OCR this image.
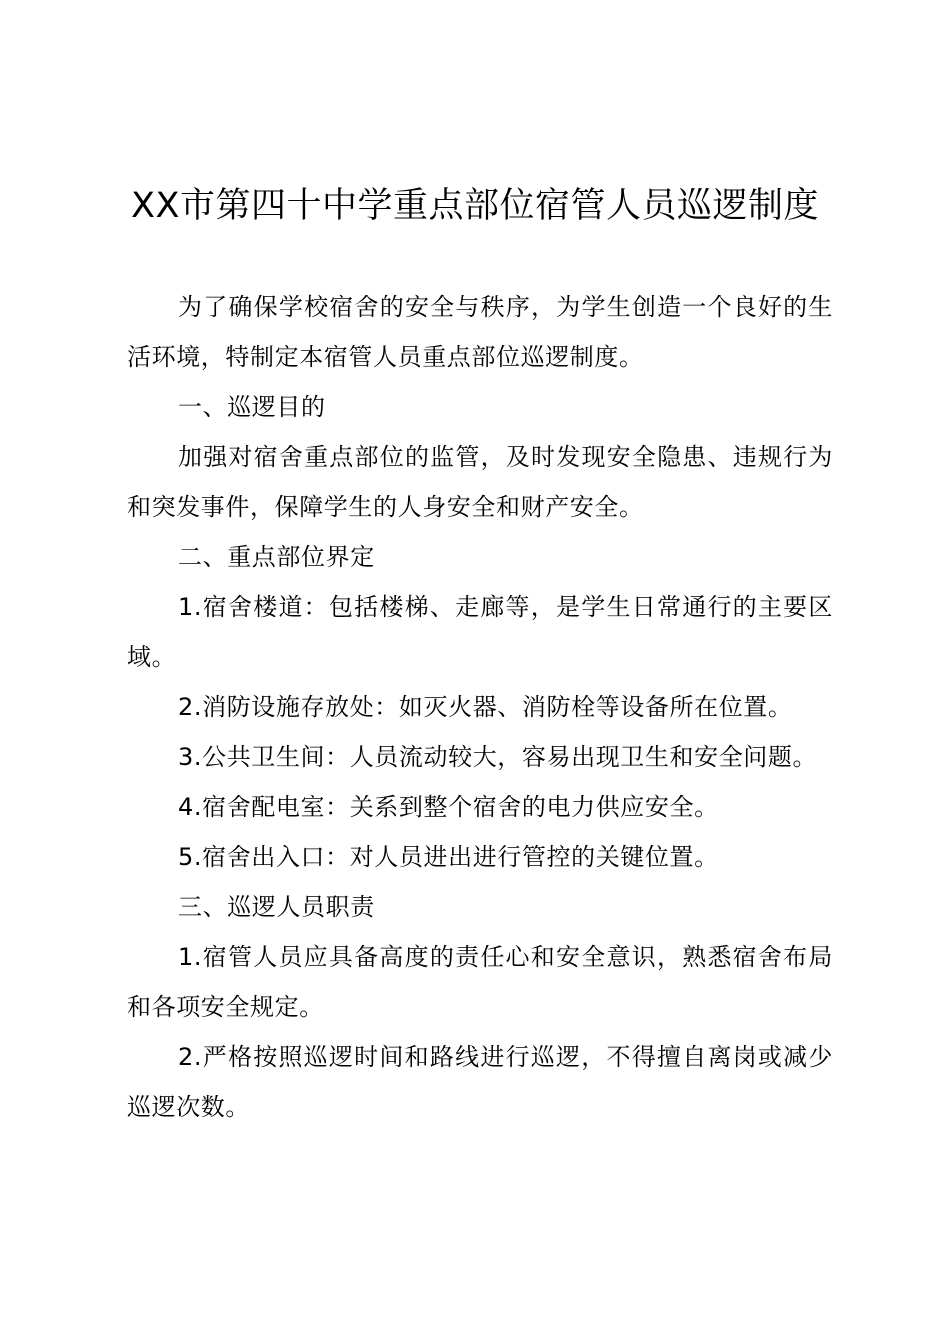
XX市第四十中学重点部位宿管人员巡逻制度

为了确保学校宿舍的安全与秩序，为学生创造一个良好的生活环境，特制定本宿管人员重点部位巡逻制度。

一、巡逻目的

加强对宿舍重点部位的监管，及时发现安全隐患、违规行为和突发事件，保障学生的人身安全和财产安全。

二、重点部位界定

1.宿舍楼道：包括楼梯、走廊等，是学生日常通行的主要区域。

2.消防设施存放处：如灭火器、消防栓等设备所在位置。

3.公共卫生间：人员流动较大，容易出现卫生和安全问题。

4.宿舍配电室：关系到整个宿舍的电力供应安全。

5.宿舍出入口：对人员进出进行管控的关键位置。

三、巡逻人员职责

1.宿管人员应具备高度的责任心和安全意识，熟悉宿舍布局和各项安全规定。

2.严格按照巡逻时间和路线进行巡逻，不得擅自离岗或减少巡逻次数。
